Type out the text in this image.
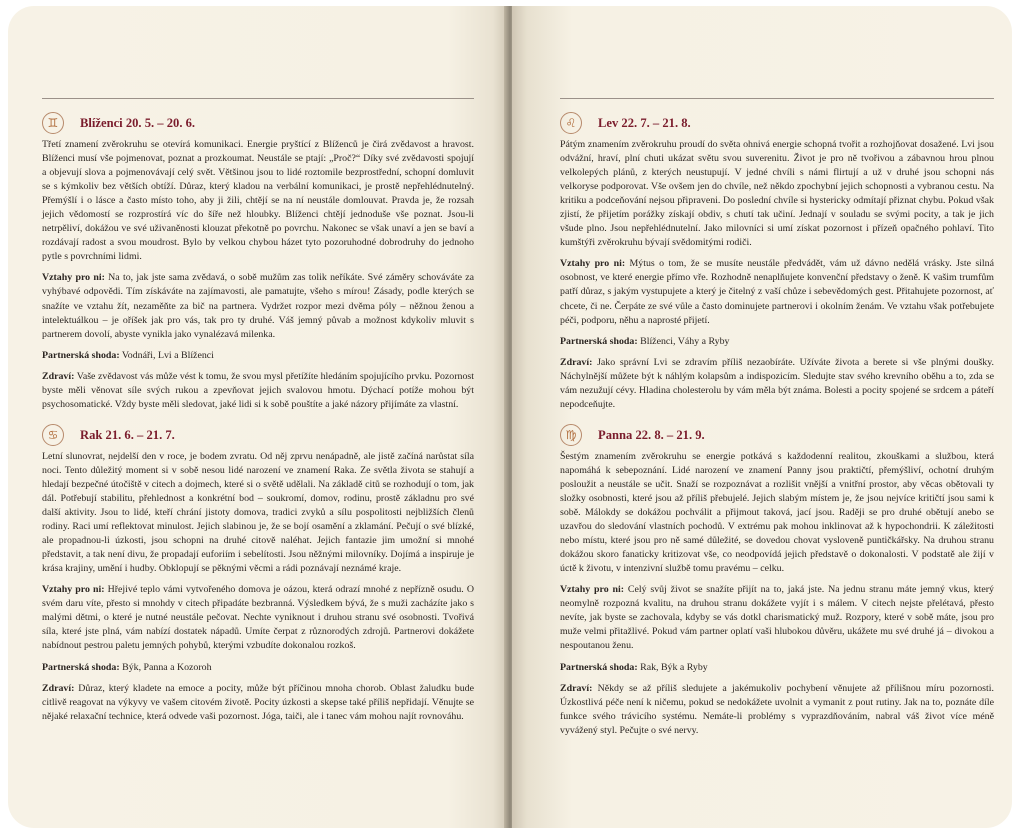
♊	Blíženci 20. 5. – 20. 6.

Třetí znamení zvěrokruhu se otevírá komunikaci. Energie pryštící z Blíženců je čirá zvědavost a hravost. Blíženci musí vše pojmenovat, poznat a prozkoumat. Neustále se ptají: „Proč?“ Díky své zvědavosti spojují a objevují slova a pojmenovávají celý svět. Většinou jsou to lidé roztomile bezprostřední, schopní domluvit se s kýmkoliv bez větších obtíží. Důraz, který kladou na verbální komunikaci, je prostě nepřehlédnutelný. Přemýšlí i o lásce a často místo toho, aby ji žili, chtějí se na ní neustále domlouvat. Pravda je, že rozsah jejich vědomostí se rozprostírá víc do šíře než hloubky. Blíženci chtějí jednoduše vše poznat. Jsou-li netrpěliví, dokážou ve své uživaněnosti klouzat překotně po povrchu. Nakonec se však unaví a jen se baví a rozdávají radost a svou moudrost. Bylo by velkou chybou házet tyto pozoruhodné dobrodruhy do jednoho pytle s povrchními lidmi.

Vztahy pro ni: Na to, jak jste sama zvědavá, o sobě mužům zas tolik neříkáte. Své záměry schováváte za vyhýbavé odpovědi. Tím získáváte na zajímavosti, ale pamatujte, všeho s mírou! Zásady, podle kterých se snažíte ve vztahu žít, nezaměňte za bič na partnera. Vydržet rozpor mezi dvěma póly – něžnou ženou a intelektuálkou – je oříšek jak pro vás, tak pro ty druhé. Váš jemný půvab a možnost kdykoliv mluvit s partnerem dovolí, abyste vynikla jako vynalézavá milenka.

Partnerská shoda: Vodnáři, Lvi a Blíženci

Zdraví: Vaše zvědavost vás může vést k tomu, že svou mysl přetížíte hledáním spojujícího prvku. Pozornost byste měli věnovat síle svých rukou a zpevňovat jejich svalovou hmotu. Dýchací potíže mohou být psychosomatické. Vždy byste měli sledovat, jaké lidi si k sobě pouštíte a jaké názory přijímáte za vlastní.

♋	Rak 21. 6. – 21. 7.

Letní slunovrat, nejdelší den v roce, je bodem zvratu. Od něj zprvu nenápadně, ale jistě začíná narůstat síla noci. Tento důležitý moment si v sobě nesou lidé narození ve znamení Raka. Ze světla života se stahují a hledají bezpečné útočiště v citech a dojmech, které si o světě udělali. Na základě citů se rozhodují o tom, jak dál. Potřebují stabilitu, přehlednost a konkrétní bod – soukromí, domov, rodinu, prostě základnu pro své další aktivity. Jsou to lidé, kteří chrání jistoty domova, tradici zvyků a sílu pospolitosti nejbližších členů rodiny. Raci umí reflektovat minulost. Jejich slabinou je, že se bojí osamění a zklamání. Pečují o své blízké, ale propadnou-li úzkosti, jsou schopni na druhé citově naléhat. Jejich fantazie jim umožní si mnohé představit, a tak není divu, že propadají euforiím i sebelítosti. Jsou něžnými milovníky. Dojímá a inspiruje je krása krajiny, umění i hudby. Obklopují se pěknými věcmi a rádi poznávají neznámé kraje.

Vztahy pro ni: Hřejivé teplo vámi vytvořeného domova je oázou, která odrazí mnohé z nepřízně osudu. O svém daru víte, přesto si mnohdy v citech připadáte bezbranná. Výsledkem bývá, že s muži zacházíte jako s malými dětmi, o které je nutné neustále pečovat. Nechte vyniknout i druhou stranu své osobnosti. Tvořivá síla, které jste plná, vám nabízí dostatek nápadů. Umíte čerpat z různorodých zdrojů. Partnerovi dokážete nabídnout pestrou paletu jemných pohybů, kterými vzbudíte dokonalou rozkoš.

Partnerská shoda: Býk, Panna a Kozoroh

Zdraví: Důraz, který kladete na emoce a pocity, může být příčinou mnoha chorob. Oblast žaludku bude citlivě reagovat na výkyvy ve vašem citovém životě. Pocity úzkosti a skepse také příliš nepřidají. Věnujte se nějaké relaxační technice, která odvede vaši pozornost. Jóga, taiči, ale i tanec vám mohou najít rovnováhu.

♌	Lev 22. 7. – 21. 8.

Pátým znamením zvěrokruhu proudí do světa ohnivá energie schopná tvořit a rozhojňovat dosažené. Lvi jsou odvážní, hraví, plní chuti ukázat světu svou suverenitu. Život je pro ně tvořivou a zábavnou hrou plnou velkolepých plánů, z kterých neustupují. V jedné chvíli s námi flirtují a už v druhé jsou schopni nás velkoryse podporovat. Vše ovšem jen do chvíle, než někdo zpochybní jejich schopnosti a vybranou cestu. Na kritiku a podceňování nejsou připraveni. Do poslední chvíle si hystericky odmítají přiznat chybu. Pokud však zjistí, že přijetím porážky získají obdiv, s chutí tak učiní. Jednají v souladu se svými pocity, a tak je jich všude plno. Jsou nepřehlédnutelní. Jako milovníci si umí získat pozornost i přízeň opačného pohlaví. Tito kumštýři zvěrokruhu bývají svědomitými rodiči.

Vztahy pro ni: Mýtus o tom, že se musíte neustále předvádět, vám už dávno nedělá vrásky. Jste silná osobnost, ve které energie přímo vře. Rozhodně nenaplňujete konvenční představy o ženě. K vašim trumfům patří důraz, s jakým vystupujete a který je čitelný z vaší chůze i sebevědomých gest. Přitahujete pozornost, ať chcete, či ne. Čerpáte ze své vůle a často dominujete partnerovi i okolním ženám. Ve vztahu však potřebujete péči, podporu, něhu a naprosté přijetí.

Partnerská shoda: Blíženci, Váhy a Ryby

Zdraví: Jako správní Lvi se zdravím příliš nezaobíráte. Užíváte života a berete si vše plnými doušky. Náchylnější můžete být k náhlým kolapsům a indispozicím. Sledujte stav svého krevního oběhu a to, zda se vám nezužují cévy. Hladina cholesterolu by vám měla být známa. Bolesti a pocity spojené se srdcem a páteří nepodceňujte.

♍	Panna 22. 8. – 21. 9.

Šestým znamením zvěrokruhu se energie potkává s každodenní realitou, zkouškami a službou, která napomáhá k sebepoznání. Lidé narození ve znamení Panny jsou praktičtí, přemýšliví, ochotní druhým posloužit a neustále se učit. Snaží se rozpoznávat a rozlišit vnější a vnitřní prostor, aby věcas obětovali ty složky osobnosti, které jsou až příliš přebujelé. Jejich slabým místem je, že jsou nejvíce kritičtí jsou sami k sobě. Málokdy se dokážou pochválit a přijmout taková, jací jsou. Raději se pro druhé obětují anebo se uzavřou do sledování vlastních pochodů. V extrému pak mohou inklinovat až k hypochondrii. K záležitosti nebo místu, které jsou pro ně samé důležité, se dovedou chovat vysloveně puntičkářsky. Na druhou stranu dokážou skoro fanaticky kritizovat vše, co neodpovídá jejich představě o dokonalosti. V podstatě ale žijí v úctě k životu, v intenzivní službě tomu pravému – celku.

Vztahy pro ni: Celý svůj život se snažíte přijít na to, jaká jste. Na jednu stranu máte jemný vkus, který neomylně rozpozná kvalitu, na druhou stranu dokážete vyjít i s málem. V citech nejste přelétavá, přesto nevíte, jak byste se zachovala, kdyby se vás dotkl charismatický muž. Rozpory, které v sobě máte, jsou pro muže velmi přitažlivé. Pokud vám partner oplatí vaši hlubokou důvěru, ukážete mu své druhé já – divokou a nespoutanou ženu.

Partnerská shoda: Rak, Býk a Ryby

Zdraví: Někdy se až příliš sledujete a jakémukoliv pochybení věnujete až přílišnou míru pozornosti. Úzkostlivá péče není k ničemu, pokud se nedokážete uvolnit a vymanit z pout rutiny. Jak na to, poznáte díle funkce svého trávicího systému. Nemáte-li problémy s vyprazdňováním, nabral váš život více méně vyvážený styl. Pečujte o své nervy.
